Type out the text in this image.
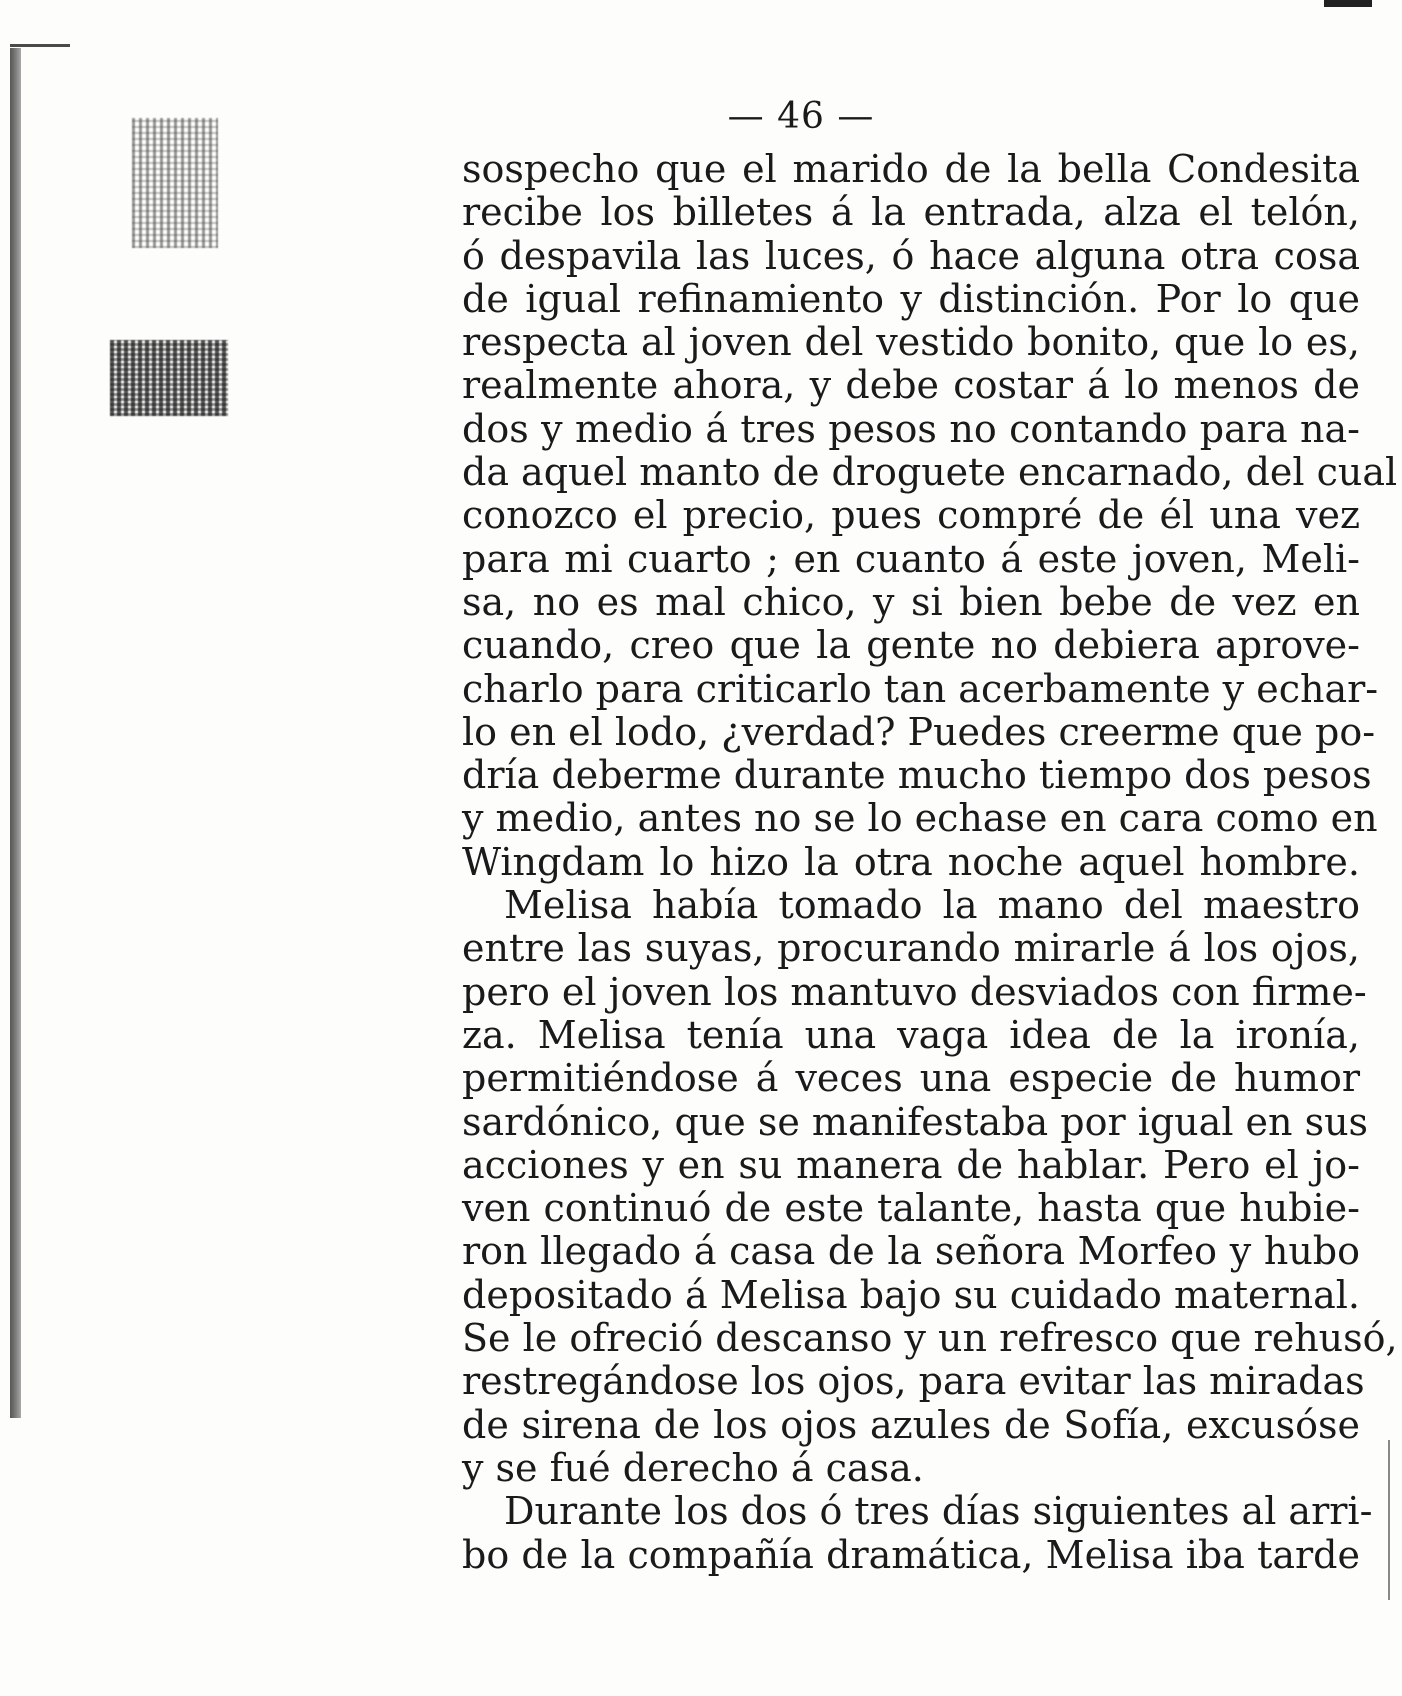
— 46 —
sospecho que el marido de la bella Condesita
recibe los billetes á la entrada, alza el telón,
ó despavila las luces, ó hace alguna otra cosa
de igual refinamiento y distinción. Por lo que
respecta al joven del vestido bonito, que lo es,
realmente ahora, y debe costar á lo menos de
dos y medio á tres pesos no contando para na-
da aquel manto de droguete encarnado, del cual
conozco el precio, pues compré de él una vez
para mi cuarto ; en cuanto á este joven, Meli-
sa, no es mal chico, y si bien bebe de vez en
cuando, creo que la gente no debiera aprove-
charlo para criticarlo tan acerbamente y echar-
lo en el lodo, ¿verdad? Puedes creerme que po-
dría deberme durante mucho tiempo dos pesos
y medio, antes no se lo echase en cara como en
Wingdam lo hizo la otra noche aquel hombre.
Melisa había tomado la mano del maestro
entre las suyas, procurando mirarle á los ojos,
pero el joven los mantuvo desviados con firme-
za. Melisa tenía una vaga idea de la ironía,
permitiéndose á veces una especie de humor
sardónico, que se manifestaba por igual en sus
acciones y en su manera de hablar. Pero el jo-
ven continuó de este talante, hasta que hubie-
ron llegado á casa de la señora Morfeo y hubo
depositado á Melisa bajo su cuidado maternal.
Se le ofreció descanso y un refresco que rehusó,
restregándose los ojos, para evitar las miradas
de sirena de los ojos azules de Sofía, excusóse
y se fué derecho á casa.
Durante los dos ó tres días siguientes al arri-
bo de la compañía dramática, Melisa iba tarde
